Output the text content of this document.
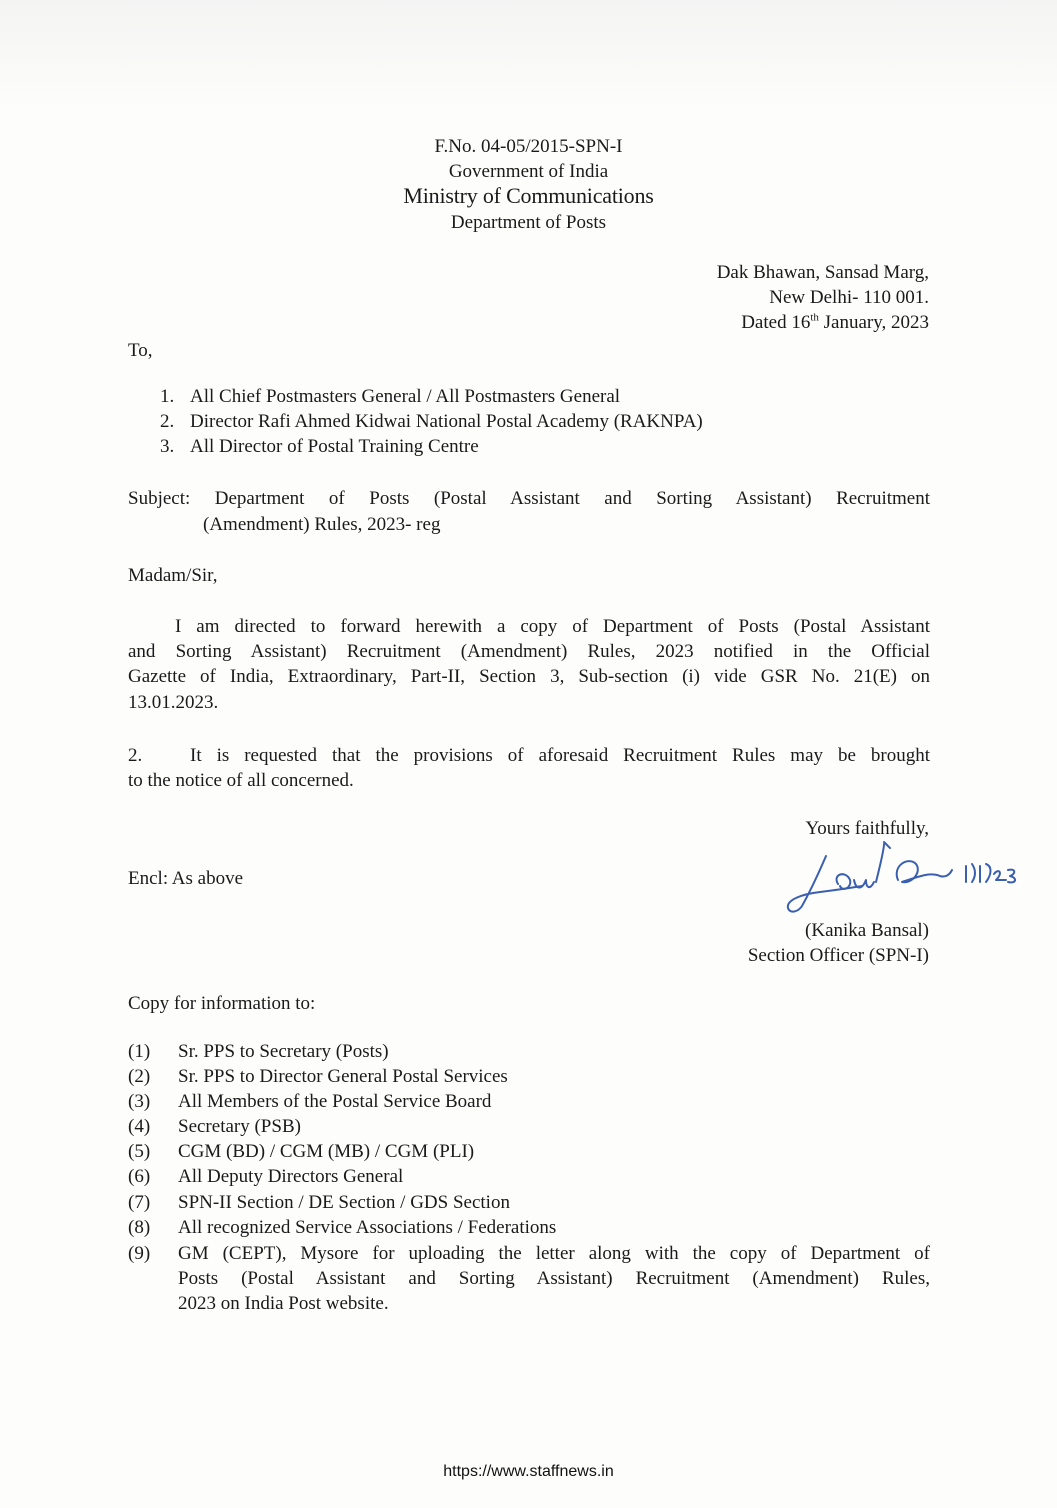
F.No. 04-05/2015-SPN-I
Government of India
Ministry of Communications
Department of Posts
Dak Bhawan, Sansad Marg,
New Delhi- 110 001.
Dated 16th January, 2023
To,
1. All Chief Postmasters General / All Postmasters General
2. Director Rafi Ahmed Kidwai National Postal Academy (RAKNPA)
3. All Director of Postal Training Centre
Subject: Department of Posts (Postal Assistant and Sorting Assistant) Recruitment
(Amendment) Rules, 2023- reg
Madam/Sir,
I am directed to forward herewith a copy of Department of Posts (Postal Assistant
and Sorting Assistant) Recruitment (Amendment) Rules, 2023 notified in the Official
Gazette of India, Extraordinary, Part-II, Section 3, Sub-section (i) vide GSR No. 21(E) on
13.01.2023.
2.	It is requested that the provisions of aforesaid Recruitment Rules may be brought
to the notice of all concerned.
Yours faithfully,
Encl: As above
(Kanika Bansal)
Section Officer (SPN-I)
Copy for information to:
(1) Sr. PPS to Secretary (Posts)
(2) Sr. PPS to Director General Postal Services
(3) All Members of the Postal Service Board
(4) Secretary (PSB)
(5) CGM (BD) / CGM (MB) / CGM (PLI)
(6) All Deputy Directors General
(7) SPN-II Section / DE Section / GDS Section
(8) All recognized Service Associations / Federations
(9) GM (CEPT), Mysore for uploading the letter along with the copy of Department of
Posts (Postal Assistant and Sorting Assistant) Recruitment (Amendment) Rules,
2023 on India Post website.
https://www.staffnews.in
